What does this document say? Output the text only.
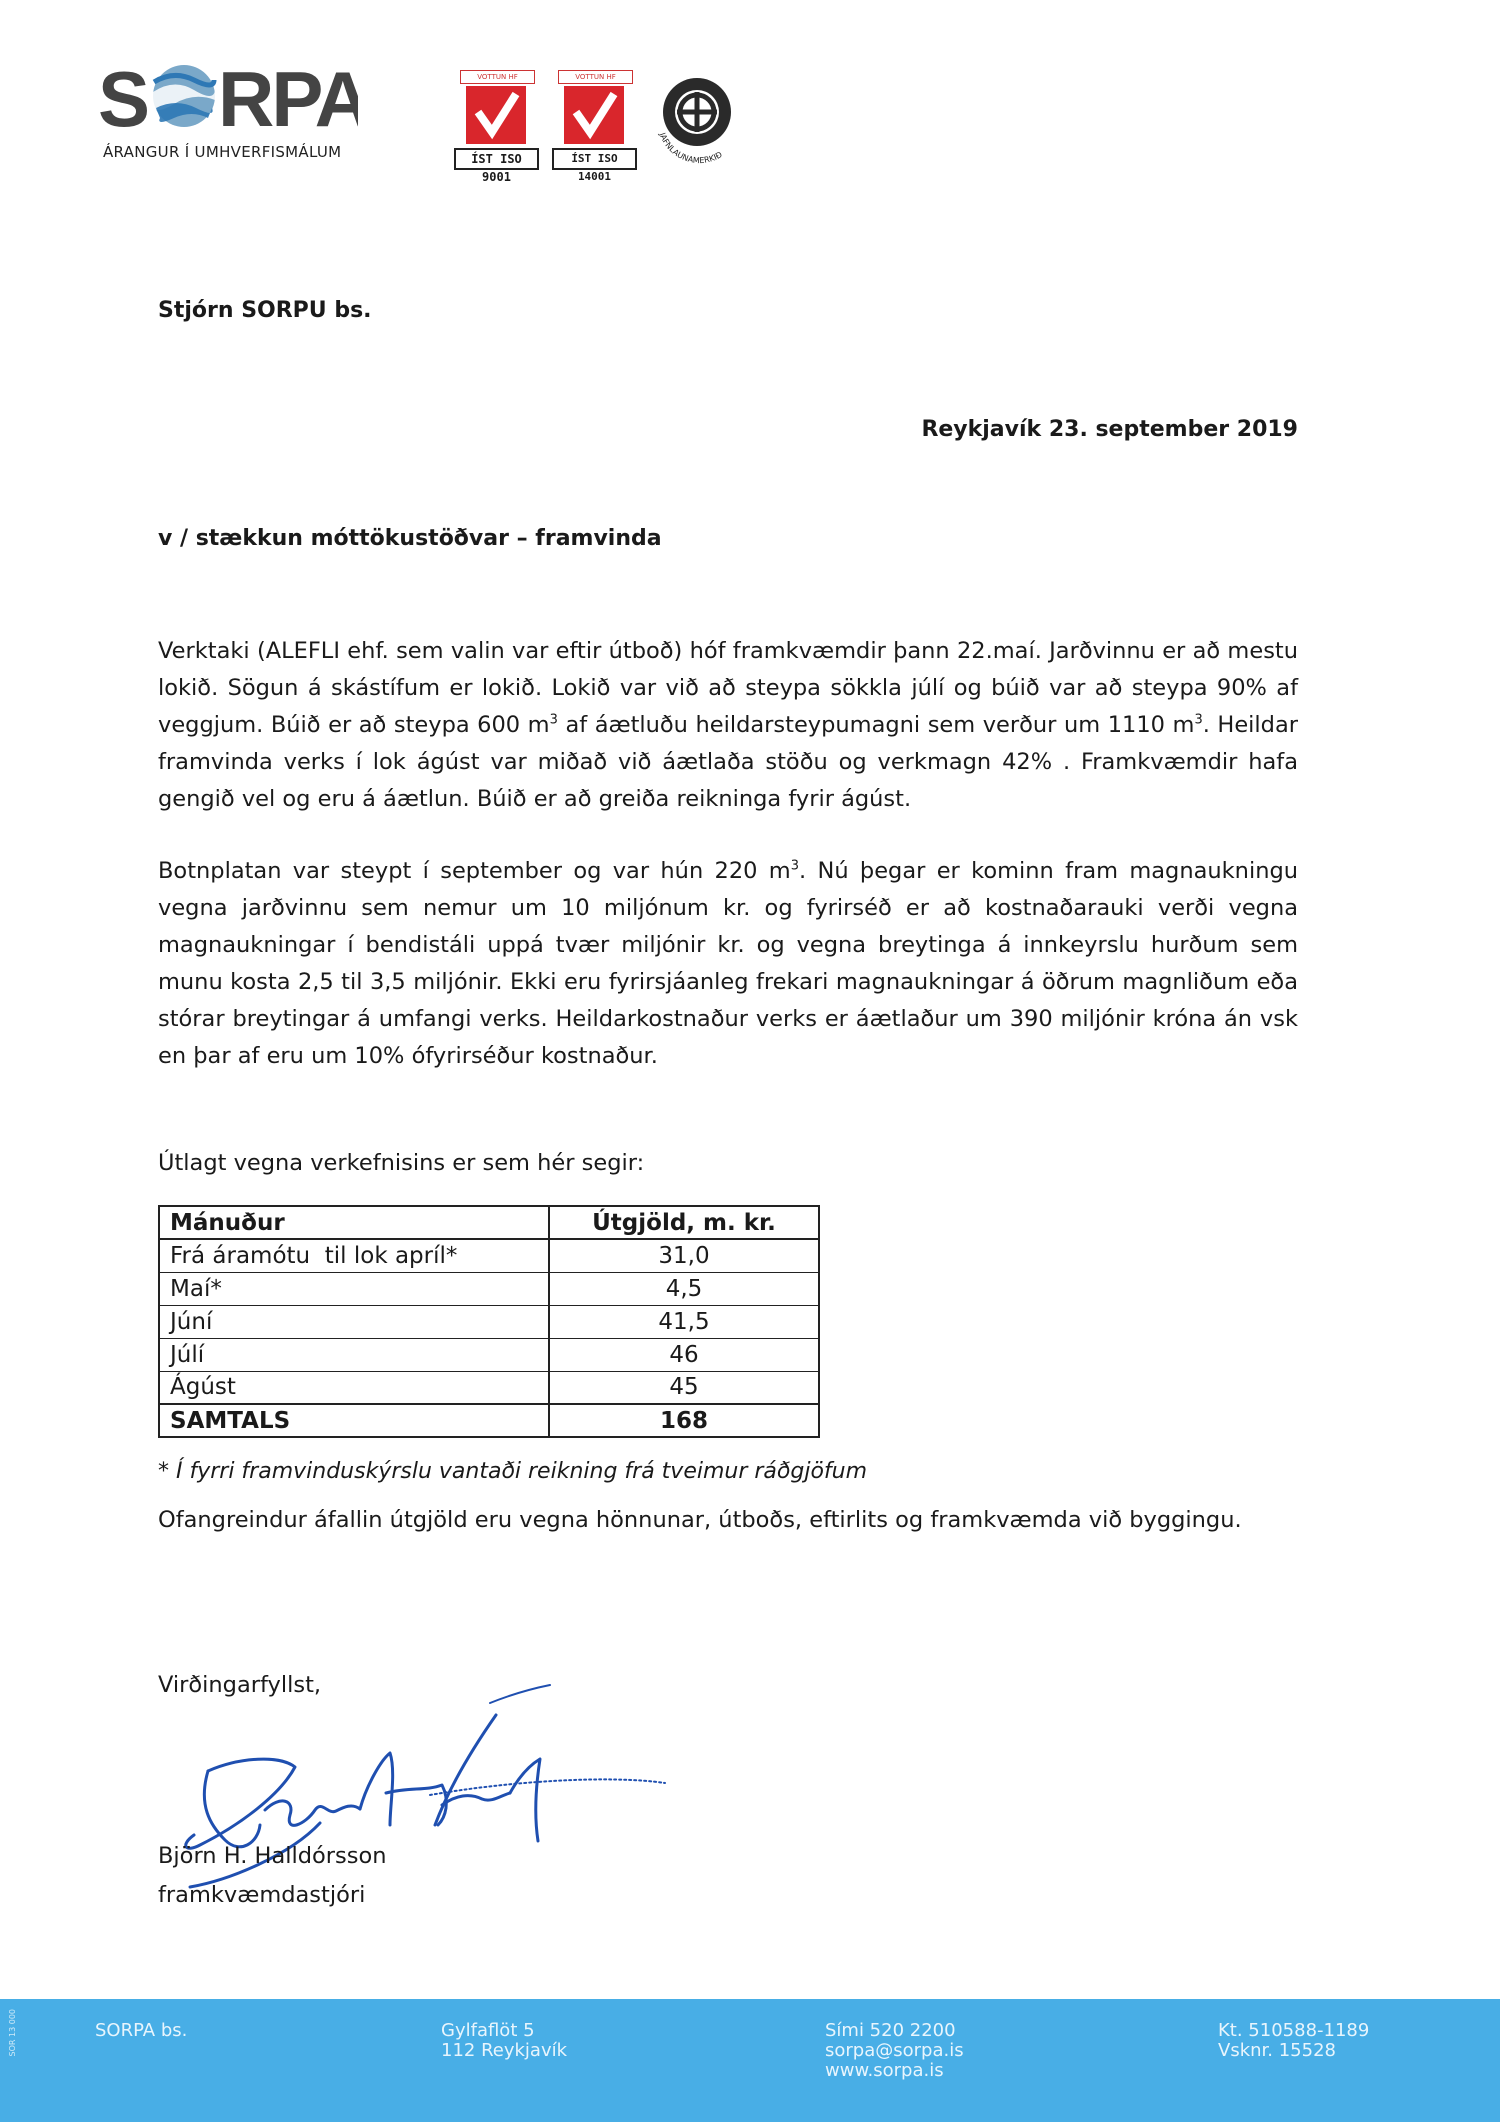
S RPA
ÁRANGUR Í UMHVERFISMÁLUM
VOTTUN HF
ÍST ISO 9001
VOTTUN HF
ÍST ISO 14001
JAFNLAUNAMERKIÐ
Stjórn SORPU bs.
Reykjavík 23. september 2019
v / stækkun móttökustöðvar – framvinda
Verktaki (ALEFLI ehf. sem valin var eftir útboð) hóf framkvæmdir þann 22.maí. Jarðvinnu er að mestu lokið. Sögun á skástífum er lokið. Lokið var við að steypa sökkla júlí og búið var að steypa 90% af veggjum. Búið er að steypa 600 $m^3$ af áætluðu heildarsteypumagni sem verður um 1110 $m^3$. Heildar framvinda verks í lok ágúst var miðað við áætlaða stöðu og verkmagn 42% . Framkvæmdir hafa gengið vel og eru á áætlun. Búið er að greiða reikninga fyrir ágúst.
Botnplatan var steypt í september og var hún 220 $m^3$. Nú þegar er kominn fram magnaukningu vegna jarðvinnu sem nemur um 10 miljónum kr. og fyrirséð er að kostnaðarauki verði vegna magnaukningar í bendistáli uppá tvær miljónir kr. og vegna breytinga á innkeyrslu hurðum sem munu kosta 2,5 til 3,5 miljónir. Ekki eru fyrirsjáanleg frekari magnaukningar á öðrum magnliðum eða stórar breytingar á umfangi verks. Heildarkostnaður verks er áætlaður um 390 miljónir króna án vsk en þar af eru um 10% ófyrirséður kostnaður.
Útlagt vegna verkefnisins er sem hér segir:
Mánuður	Útgjöld, m. kr.
Frá áramótu  til lok apríl*	31,0
Maí*	4,5
Júní	41,5
Júlí	46
Ágúst	45
SAMTALS	168
* Í fyrri framvinduskýrslu vantaði reikning frá tveimur ráðgjöfum
Ofangreindur áfallin útgjöld eru vegna hönnunar, útboðs, eftirlits og framkvæmda við byggingu.
Virðingarfyllst,
Björn H. Halldórsson
framkvæmdastjóri
SOR 13 000	SORPA bs.	Gylfaflöt 5
112 Reykjavík
Sími 520 2200
sorpa@sorpa.is
www.sorpa.is
Kt. 510588-1189
Vsknr. 15528
